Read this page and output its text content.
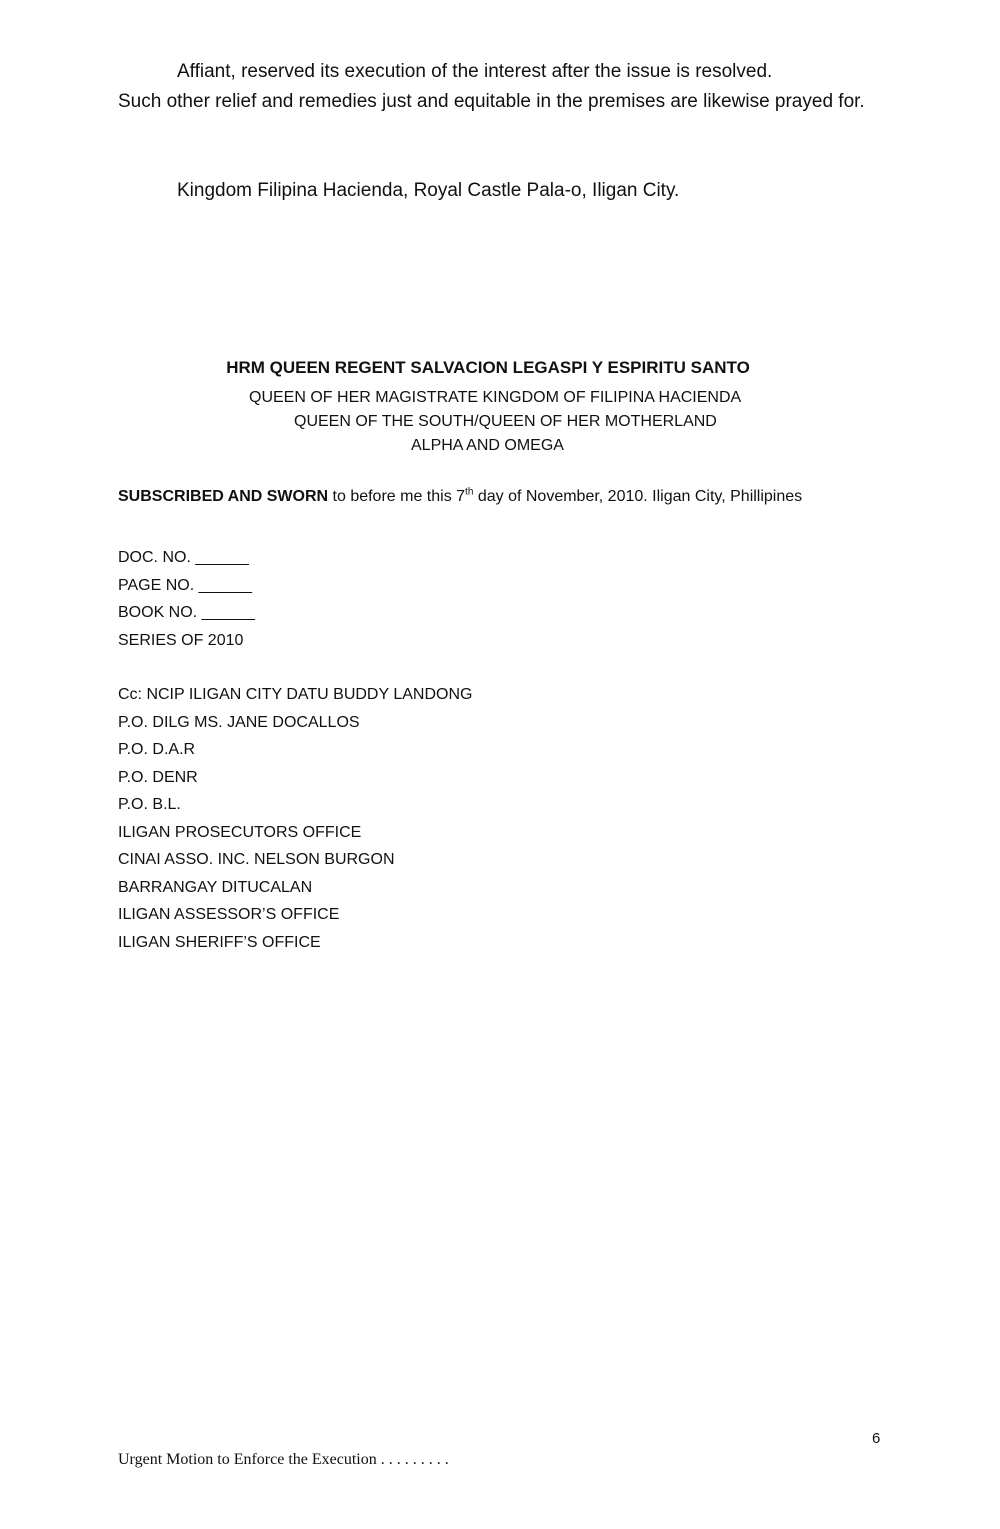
Affiant, reserved its execution of the interest after the issue is resolved.
Such other relief and remedies just and equitable in the premises are likewise prayed for.
Kingdom Filipina Hacienda, Royal Castle Pala-o, Iligan City.
HRM QUEEN REGENT SALVACION LEGASPI Y ESPIRITU SANTO
QUEEN OF HER MAGISTRATE KINGDOM OF FILIPINA HACIENDA
QUEEN OF THE SOUTH/QUEEN OF HER MOTHERLAND
ALPHA AND OMEGA
SUBSCRIBED AND SWORN to before me this 7th day of November, 2010. Iligan City, Phillipines
DOC. NO. ______
PAGE NO. ______
BOOK NO. ______
SERIES OF 2010
Cc: NCIP ILIGAN CITY DATU BUDDY LANDONG
P.O. DILG MS. JANE DOCALLOS
P.O. D.A.R
P.O. DENR
P.O. B.L.
ILIGAN PROSECUTORS OFFICE
CINAI ASSO. INC. NELSON BURGON
BARRANGAY DITUCALAN
ILIGAN ASSESSOR’S OFFICE
ILIGAN SHERIFF’S OFFICE
6
Urgent Motion to Enforce the Execution . . . . . . . . .
